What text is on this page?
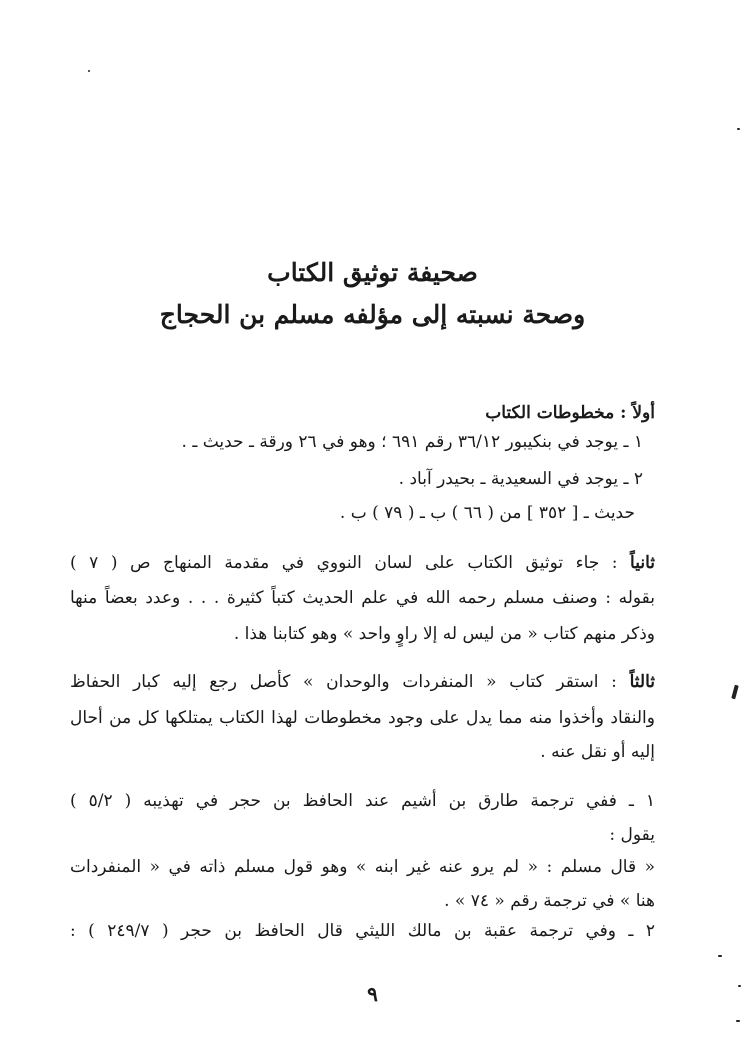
صحيفة توثيق الكتاب
وصحة نسبته إلى مؤلفه مسلم بن الحجاج
أولاً : مخطوطات الكتاب
١ ـ يوجد في بنكيبور ٣٦/١٢ رقم ٦٩١ ؛ وهو في ٢٦ ورقة ـ حديث ـ .
٢ ـ يوجد في السعيدية ـ بحيدر آباد .
حديث ـ [ ٣٥٢ ] من ( ٦٦ ) ب ـ ( ٧٩ ) ب .
ثانياً : جاء توثيق الكتاب على لسان النووي في مقدمة المنهاج ص ( ٧ )
بقوله : وصنف مسلم رحمه الله في علم الحديث كتباً كثيرة . . . وعدد بعضاً منها
وذكر منهم كتاب « من ليس له إلا راوٍ واحد » وهو كتابنا هذا .
ثالثاً : استقر كتاب « المنفردات والوحدان » كأصل رجع إليه كبار الحفاظ
والنقاد وأخذوا منه مما يدل على وجود مخطوطات لهذا الكتاب يمتلكها كل من أحال
إليه أو نقل عنه .
١ ـ ففي ترجمة طارق بن أشيم عند الحافظ بن حجر في تهذيبه ( ٥/٢ )
يقول :
« قال مسلم : « لم يرو عنه غير ابنه » وهو قول مسلم ذاته في « المنفردات
هنا » في ترجمة رقم « ٧٤ » .
٢ ـ وفي ترجمة عقبة بن مالك الليثي قال الحافظ بن حجر ( ٢٤٩/٧ ) :
٩
